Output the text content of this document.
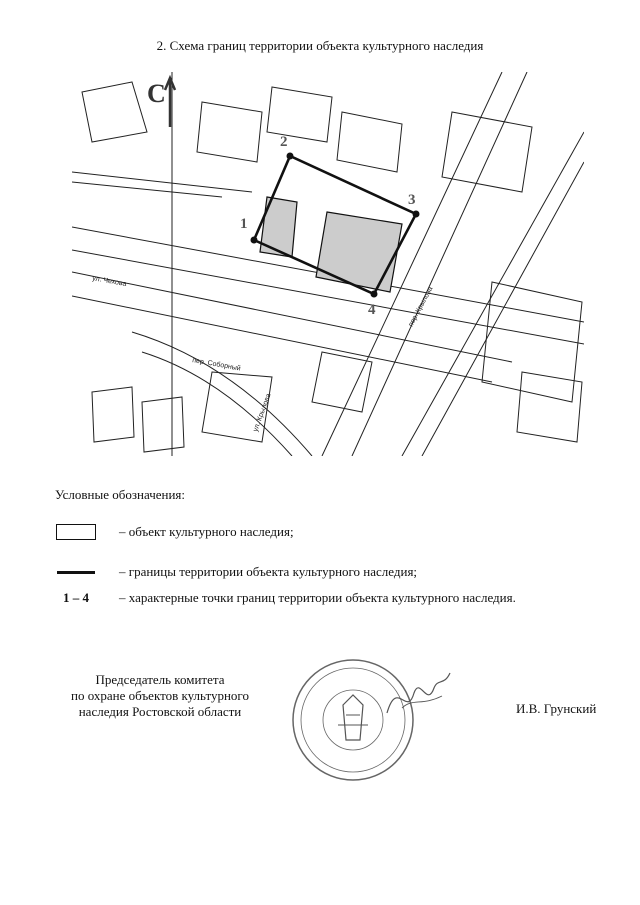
2. Схема границ территории объекта культурного наследия
1
2
3
4
С
ул. Чехова
пер. Крылова
пер. Соборный
ул. Крылова
Условные обозначения:
– объект культурного наследия;
– границы территории объекта культурного наследия;
1 – 4 – характерные точки границ территории объекта культурного наследия.
Председатель комитета
по охране объектов культурного
наследия Ростовской области	И.В. Грунский
